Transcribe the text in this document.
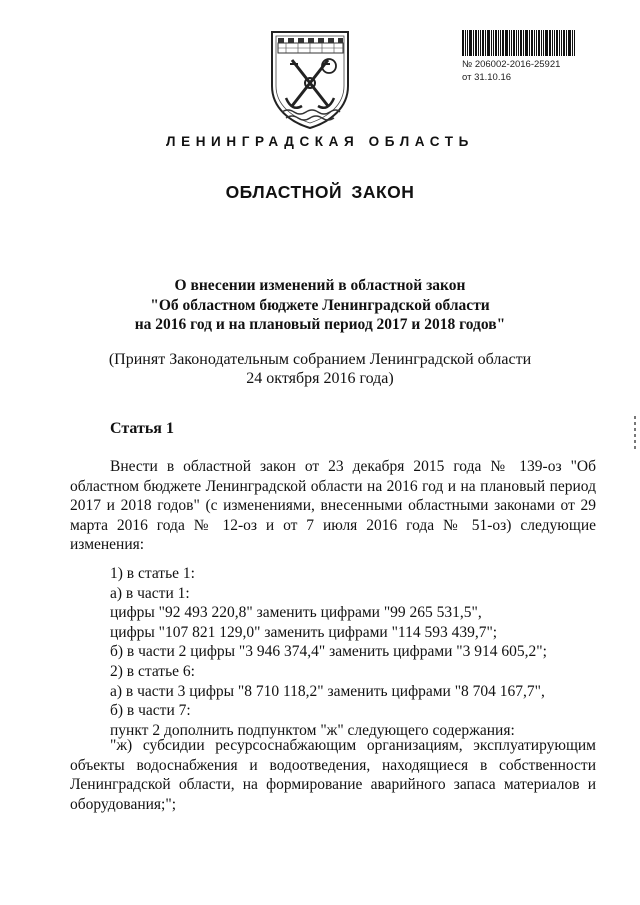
№ 206002-2016-25921
от 31.10.16
ЛЕНИНГРАДСКАЯ ОБЛАСТЬ
ОБЛАСТНОЙ ЗАКОН
О внесении изменений в областной закон
"Об областном бюджете Ленинградской области
на 2016 год и на плановый период 2017 и 2018 годов"
(Принят Законодательным собранием Ленинградской области
24 октября 2016 года)
Статья 1

Внести в областной закон от 23 декабря 2015 года № 139-оз "Об областном бюджете Ленинградской области на 2016 год и на плановый период 2017 и 2018 годов" (с изменениями, внесенными областными законами от 29 марта 2016 года № 12-оз и от 7 июля 2016 года № 51-оз) следующие изменения:

1) в статье 1:
а) в части 1:
цифры "92 493 220,8" заменить цифрами "99 265 531,5",
цифры "107 821 129,0" заменить цифрами "114 593 439,7";
б) в части 2 цифры "3 946 374,4" заменить цифрами "3 914 605,2";
2) в статье 6:
а) в части 3 цифры "8 710 118,2" заменить цифрами "8 704 167,7",
б) в части 7:
пункт 2 дополнить подпунктом "ж" следующего содержания:

"ж) субсидии ресурсоснабжающим организациям, эксплуатирующим объекты водоснабжения и водоотведения, находящиеся в собственности Ленинградской области, на формирование аварийного запаса материалов и оборудования;";
